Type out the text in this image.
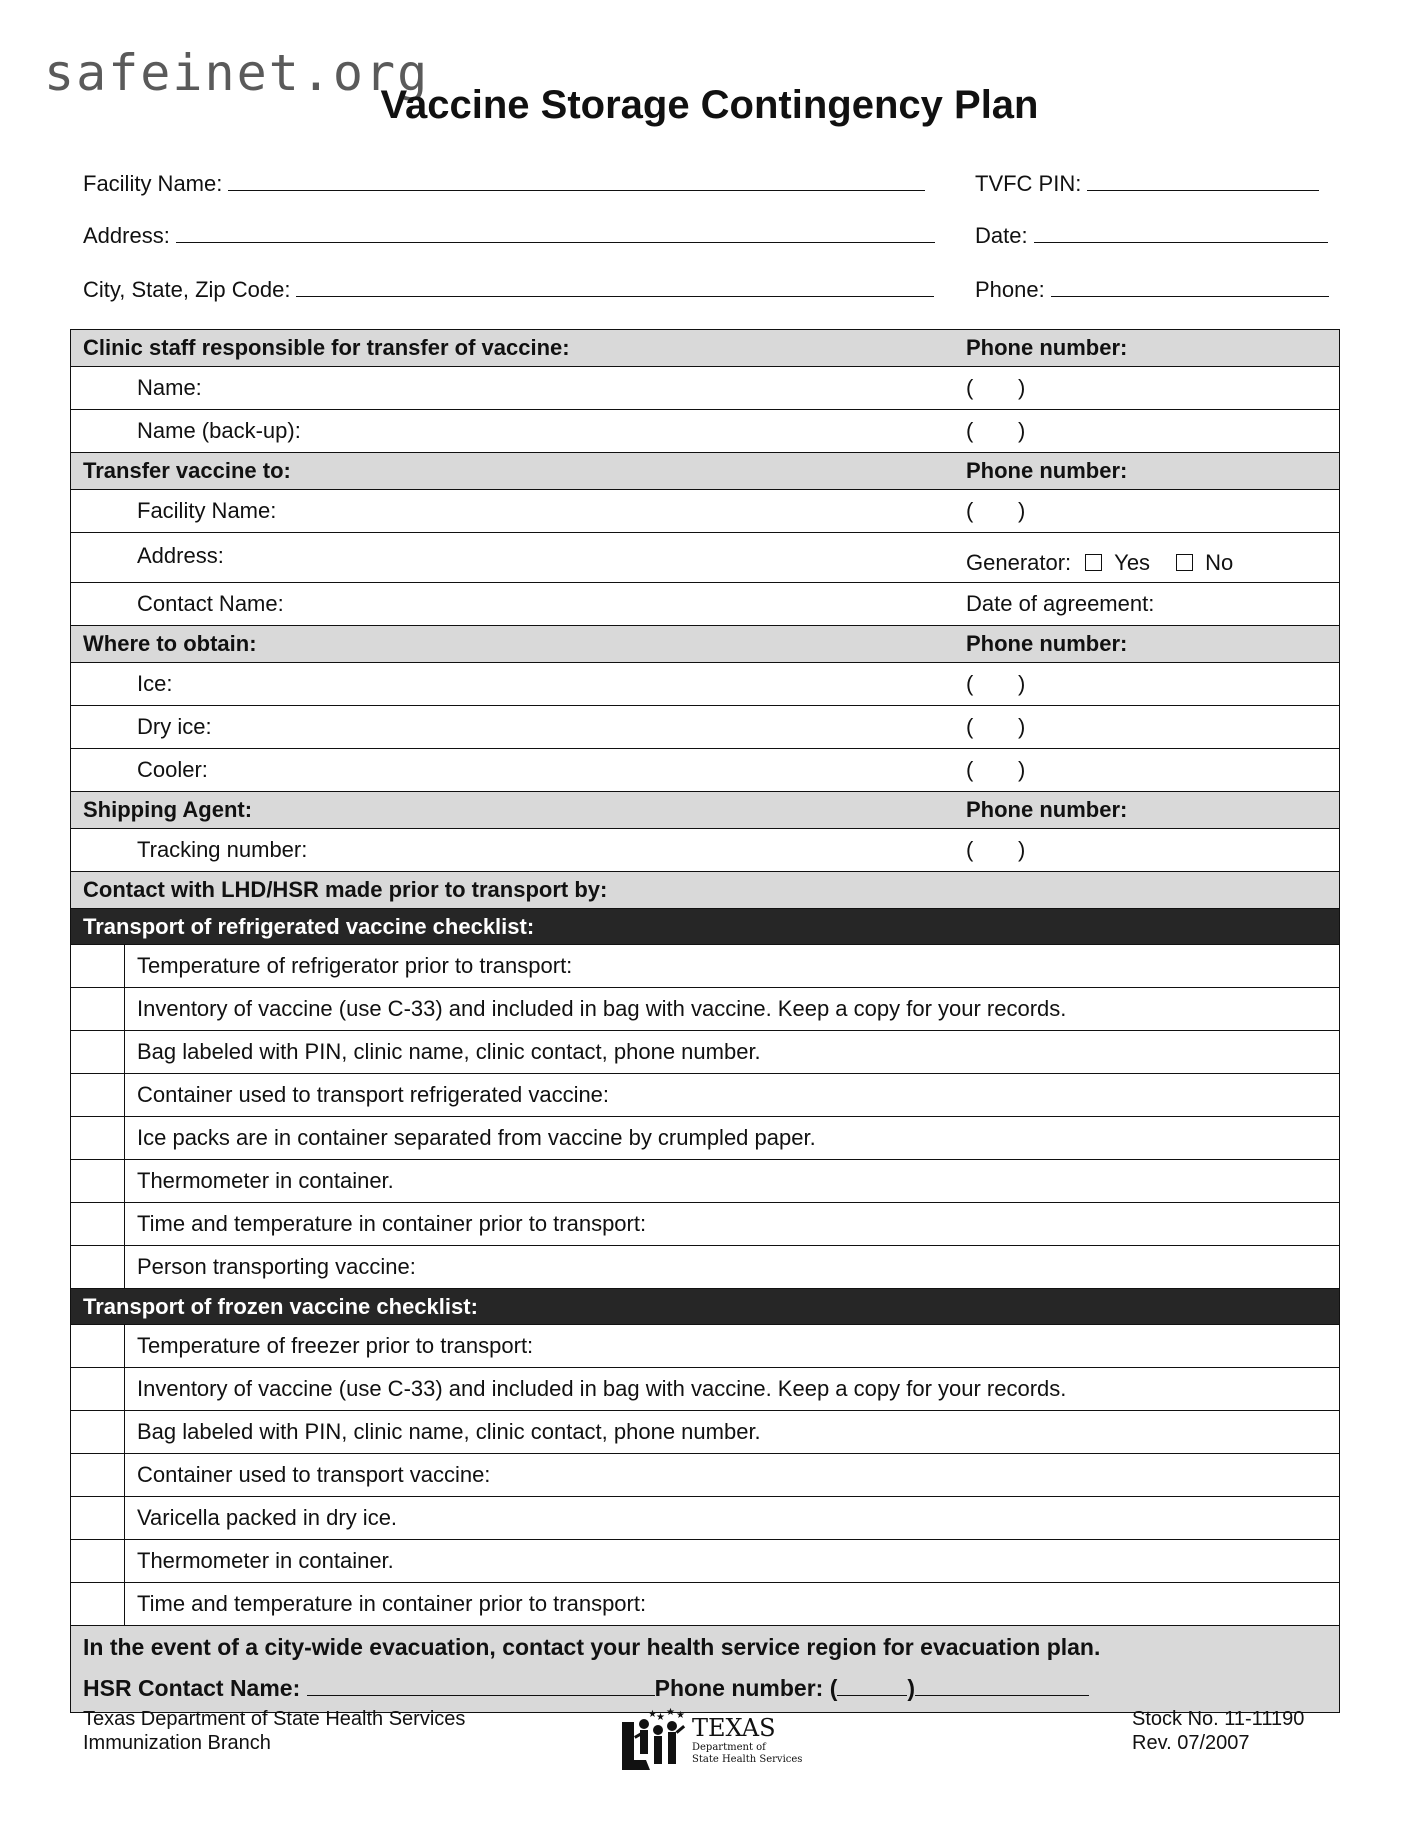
safeinet.org
Vaccine Storage Contingency Plan
Facility Name:	TVFC PIN:
Address:	Date:
City, State, Zip Code:	Phone:
Clinic staff responsible for transfer of vaccine:	Phone number:
Name:	( )
Name (back-up):	( )
Transfer vaccine to:	Phone number:
Facility Name:	( )
Address:	Generator: Yes	No
Contact Name:	Date of agreement:
Where to obtain:	Phone number:
Ice:	( )
Dry ice:	( )
Cooler:	( )
Shipping Agent:	Phone number:
Tracking number:	( )
Contact with LHD/HSR made prior to transport by:
Transport of refrigerated vaccine checklist:
Temperature of refrigerator prior to transport:
Inventory of vaccine (use C-33) and included in bag with vaccine. Keep a copy for your records.
Bag labeled with PIN, clinic name, clinic contact, phone number.
Container used to transport refrigerated vaccine:
Ice packs are in container separated from vaccine by crumpled paper.
Thermometer in container.
Time and temperature in container prior to transport:
Person transporting vaccine:
Transport of frozen vaccine checklist:
Temperature of freezer prior to transport:
Inventory of vaccine (use C-33) and included in bag with vaccine. Keep a copy for your records.
Bag labeled with PIN, clinic name, clinic contact, phone number.
Container used to transport vaccine:
Varicella packed in dry ice.
Thermometer in container.
Time and temperature in container prior to transport:
In the event of a city-wide evacuation, contact your health service region for evacuation plan.
HSR Contact Name:	Phone number: (	)
Texas Department of State Health Services
Immunization Branch
★ ★ ★
★ TEXAS
Department of
State Health Services
Stock No. 11-11190
Rev. 07/2007
